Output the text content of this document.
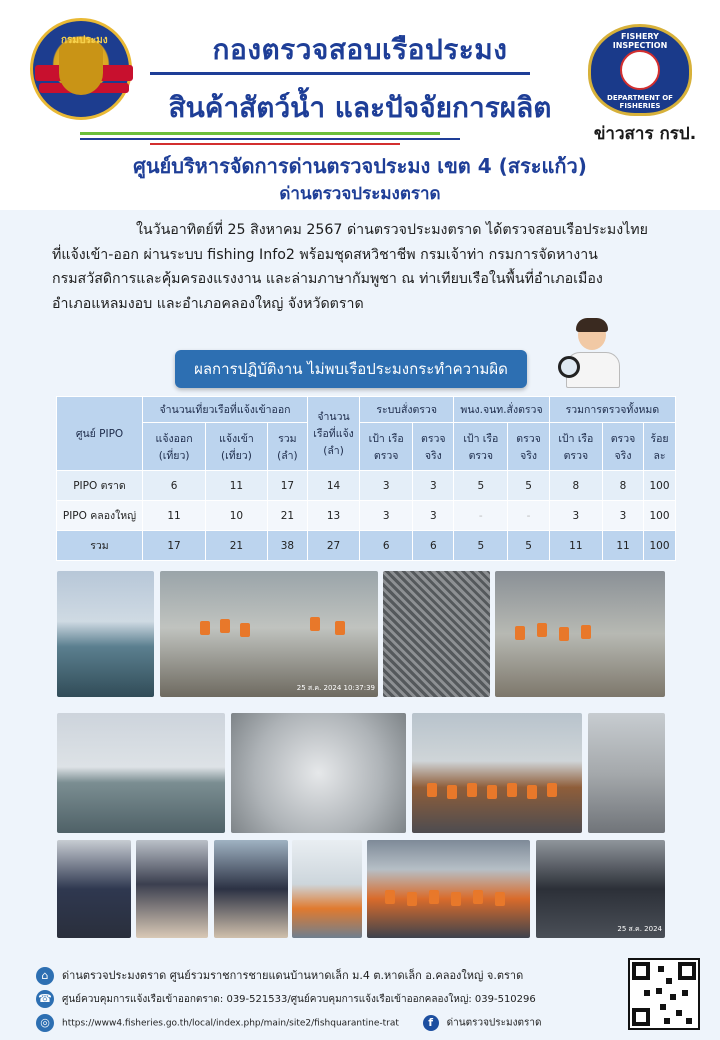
กรมประมง	กองตรวจสอบเรือประมง
สินค้าสัตว์น้ำ และปัจจัยการผลิต
FISHERY INSPECTION
DEPARTMENT OF FISHERIES
ข่าวสาร กรป.
ศูนย์บริหารจัดการด่านตรวจประมง เขต 4 (สระแก้ว)
ด่านตรวจประมงตราด
ในวันอาทิตย์ที่ 25 สิงหาคม 2567 ด่านตรวจประมงตราด ได้ตรวจสอบเรือประมงไทย
ที่แจ้งเข้า-ออก ผ่านระบบ fishing Info2 พร้อมชุดสหวิชาชีพ กรมเจ้าท่า กรมการจัดหางาน
กรมสวัสดิการและคุ้มครองแรงงาน และล่ามภาษากัมพูชา ณ ท่าเทียบเรือในพื้นที่อำเภอเมือง
อำเภอแหลมงอบ และอำเภอคลองใหญ่ จังหวัดตราด
ผลการปฏิบัติงาน ไม่พบเรือประมงกระทำความผิด
ศูนย์ PIPO	จำนวนเที่ยวเรือที่แจ้งเข้าออก			จำนวนเรือที่แจ้ง (ลำ)	ระบบสั่งตรวจ		พนง.จนท.สั่งตรวจ		รวมการตรวจทั้งหมด		
	แจ้งออก (เที่ยว)	แจ้งเข้า (เที่ยว)	รวม (ลำ)		เป้า เรือตรวจ	ตรวจจริง	เป้า เรือตรวจ	ตรวจจริง	เป้า เรือตรวจ	ตรวจจริง	ร้อยละ
PIPO ตราด	6	11	17	14	3	3	5	5	8	8	100
PIPO คลองใหญ่	11	10	21	13	3	3	-	-	3	3	100
รวม	17	21	38	27	6	6	5	5	11	11	100
25 ส.ค. 2024 10:37:39
25 ส.ค. 2024
⌂ ด่านตรวจประมงตราด ศูนย์รวมราชการชายแดนบ้านหาดเล็ก ม.4 ต.หาดเล็ก อ.คลองใหญ่ จ.ตราด
☎ ศูนย์ควบคุมการแจ้งเรือเข้าออกตราด: 039-521533/ศูนย์ควบคุมการแจ้งเรือเข้าออกคลองใหญ่: 039-510296
◎ https://www4.fisheries.go.th/local/index.php/main/site2/fishquarantine-trat	f ด่านตรวจประมงตราด
